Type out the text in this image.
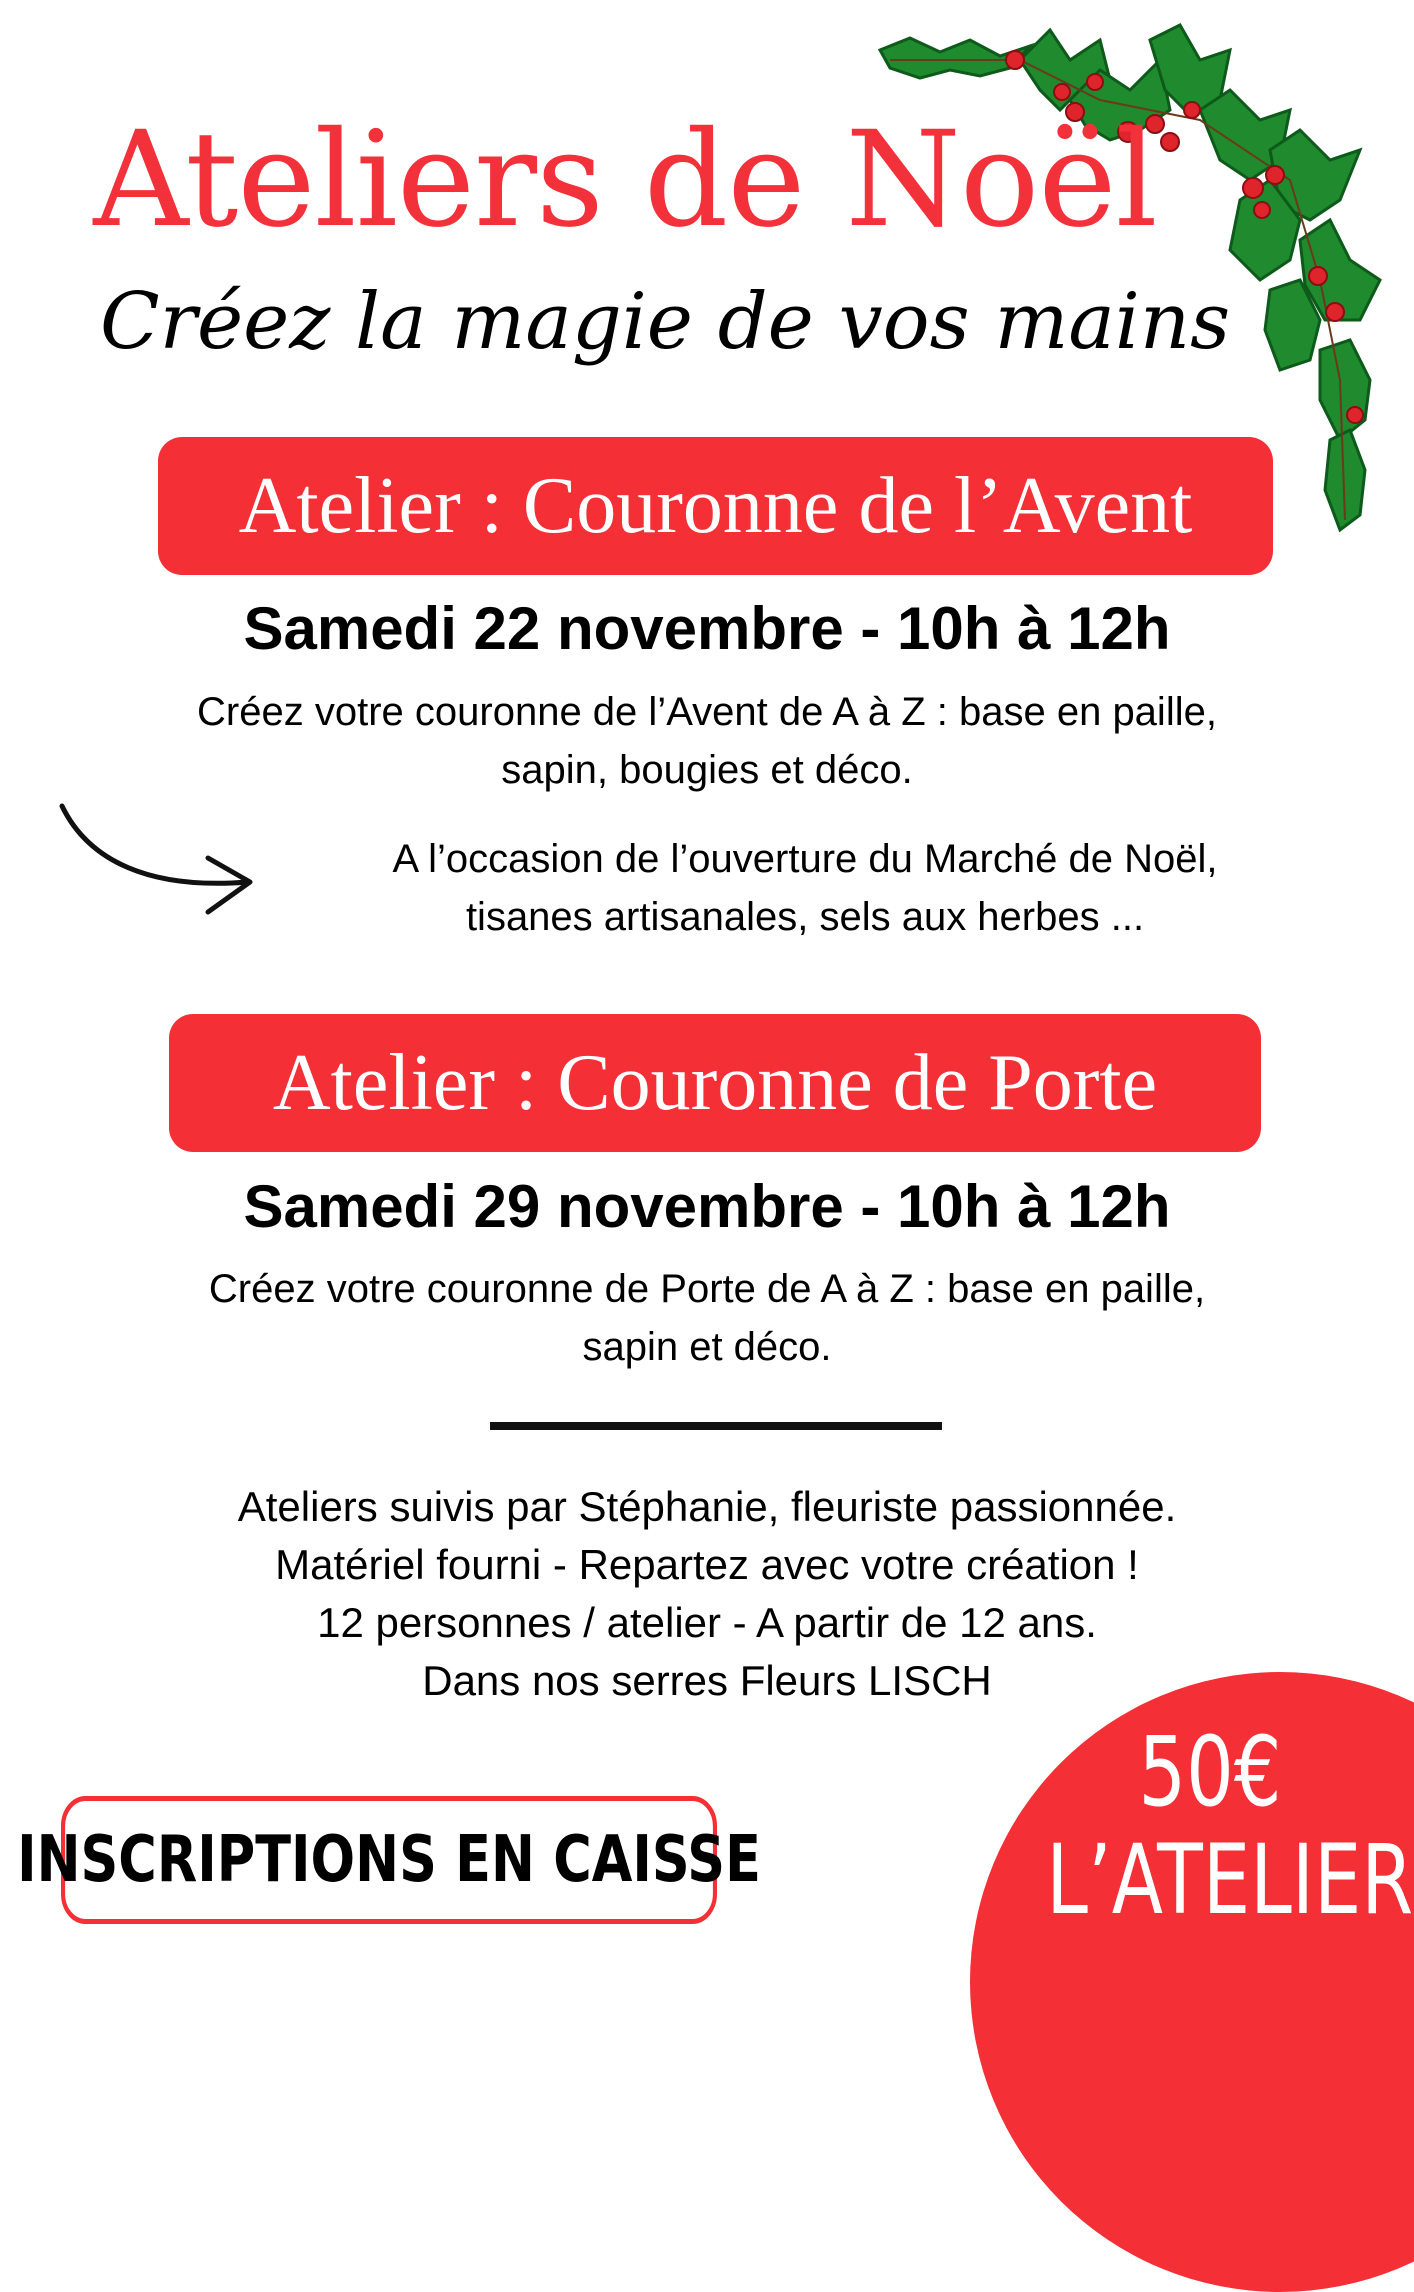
Ateliers de Noël
Créez la magie de vos mains
Atelier : Couronne de l’Avent
Samedi 22 novembre - 10h à 12h
Créez votre couronne de l’Avent de A à Z : base en paille,
sapin, bougies et déco.
A l’occasion de l’ouverture du Marché de Noël,
tisanes artisanales, sels aux herbes ...
Atelier : Couronne de Porte
Samedi 29 novembre - 10h à 12h
Créez votre couronne de Porte de A à Z : base en paille,
sapin et déco.
Ateliers suivis par Stéphanie, fleuriste passionnée.
Matériel fourni - Repartez avec votre création !
12 personnes / atelier - A partir de 12 ans.
Dans nos serres Fleurs LISCH
INSCRIPTIONS EN CAISSE
50€
L’ATELIER
